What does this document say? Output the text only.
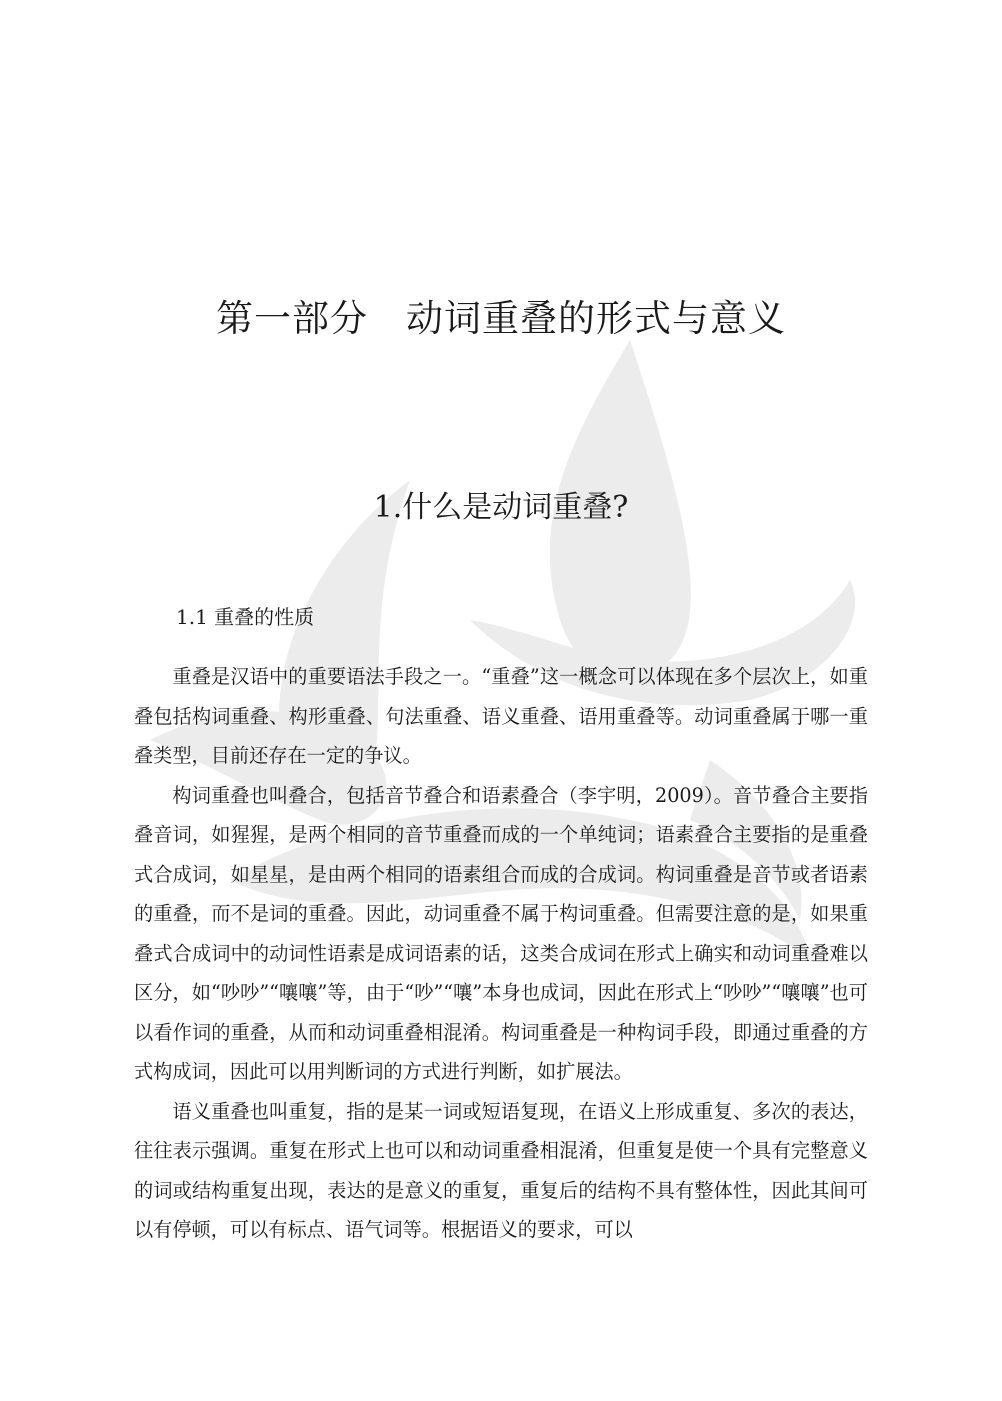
第一部分　动词重叠的形式与意义
1.什么是动词重叠?
1.1 重叠的性质

重叠是汉语中的重要语法手段之一。“重叠”这一概念可以体现在多个层次上，如重叠包括构词重叠、构形重叠、句法重叠、语义重叠、语用重叠等。动词重叠属于哪一重叠类型，目前还存在一定的争议。

构词重叠也叫叠合，包括音节叠合和语素叠合（李宇明，2009）。音节叠合主要指叠音词，如猩猩，是两个相同的音节重叠而成的一个单纯词；语素叠合主要指的是重叠式合成词，如星星，是由两个相同的语素组合而成的合成词。构词重叠是音节或者语素的重叠，而不是词的重叠。因此，动词重叠不属于构词重叠。但需要注意的是，如果重叠式合成词中的动词性语素是成词语素的话，这类合成词在形式上确实和动词重叠难以区分，如“吵吵”“嚷嚷”等，由于“吵”“嚷”本身也成词，因此在形式上“吵吵”“嚷嚷”也可以看作词的重叠，从而和动词重叠相混淆。构词重叠是一种构词手段，即通过重叠的方式构成词，因此可以用判断词的方式进行判断，如扩展法。

语义重叠也叫重复，指的是某一词或短语复现，在语义上形成重复、多次的表达，往往表示强调。重复在形式上也可以和动词重叠相混淆，但重复是使一个具有完整意义的词或结构重复出现，表达的是意义的重复，重复后的结构不具有整体性，因此其间可以有停顿，可以有标点、语气词等。根据语义的要求，可以
